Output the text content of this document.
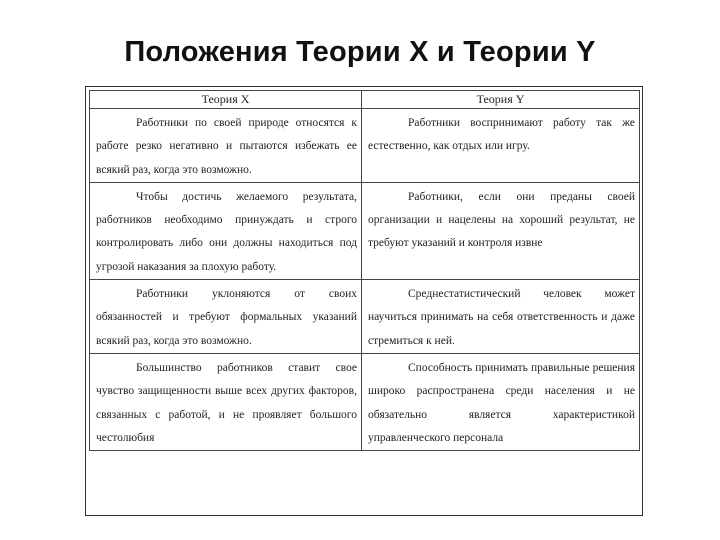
Положения Теории X и Теории Y
Теория X	Теория Y

Работники по своей природе относятся к работе резко негативно и пытаются избежать ее всякий раз, когда это возможно.	Работники воспринимают работу так же естественно, как отдых или игру.

Чтобы достичь желаемого результата, работников необходимо принуждать и строго контролировать либо они должны находиться под угрозой наказания за плохую работу.	Работники, если они преданы своей организации и нацелены на хороший результат, не требуют указаний и контроля извне

Работники уклоняются от своих обязанностей и требуют формальных указаний всякий раз, когда это возможно.	Среднестатистический человек может научиться принимать на себя ответственность и даже стремиться к ней.

Большинство работников ставит свое чувство защищенности выше всех других факторов, связанных с работой, и не проявляет большого честолюбия	Способность принимать правильные решения широко распространена среди населения и не обязательно является характеристикой управленческого персонала
